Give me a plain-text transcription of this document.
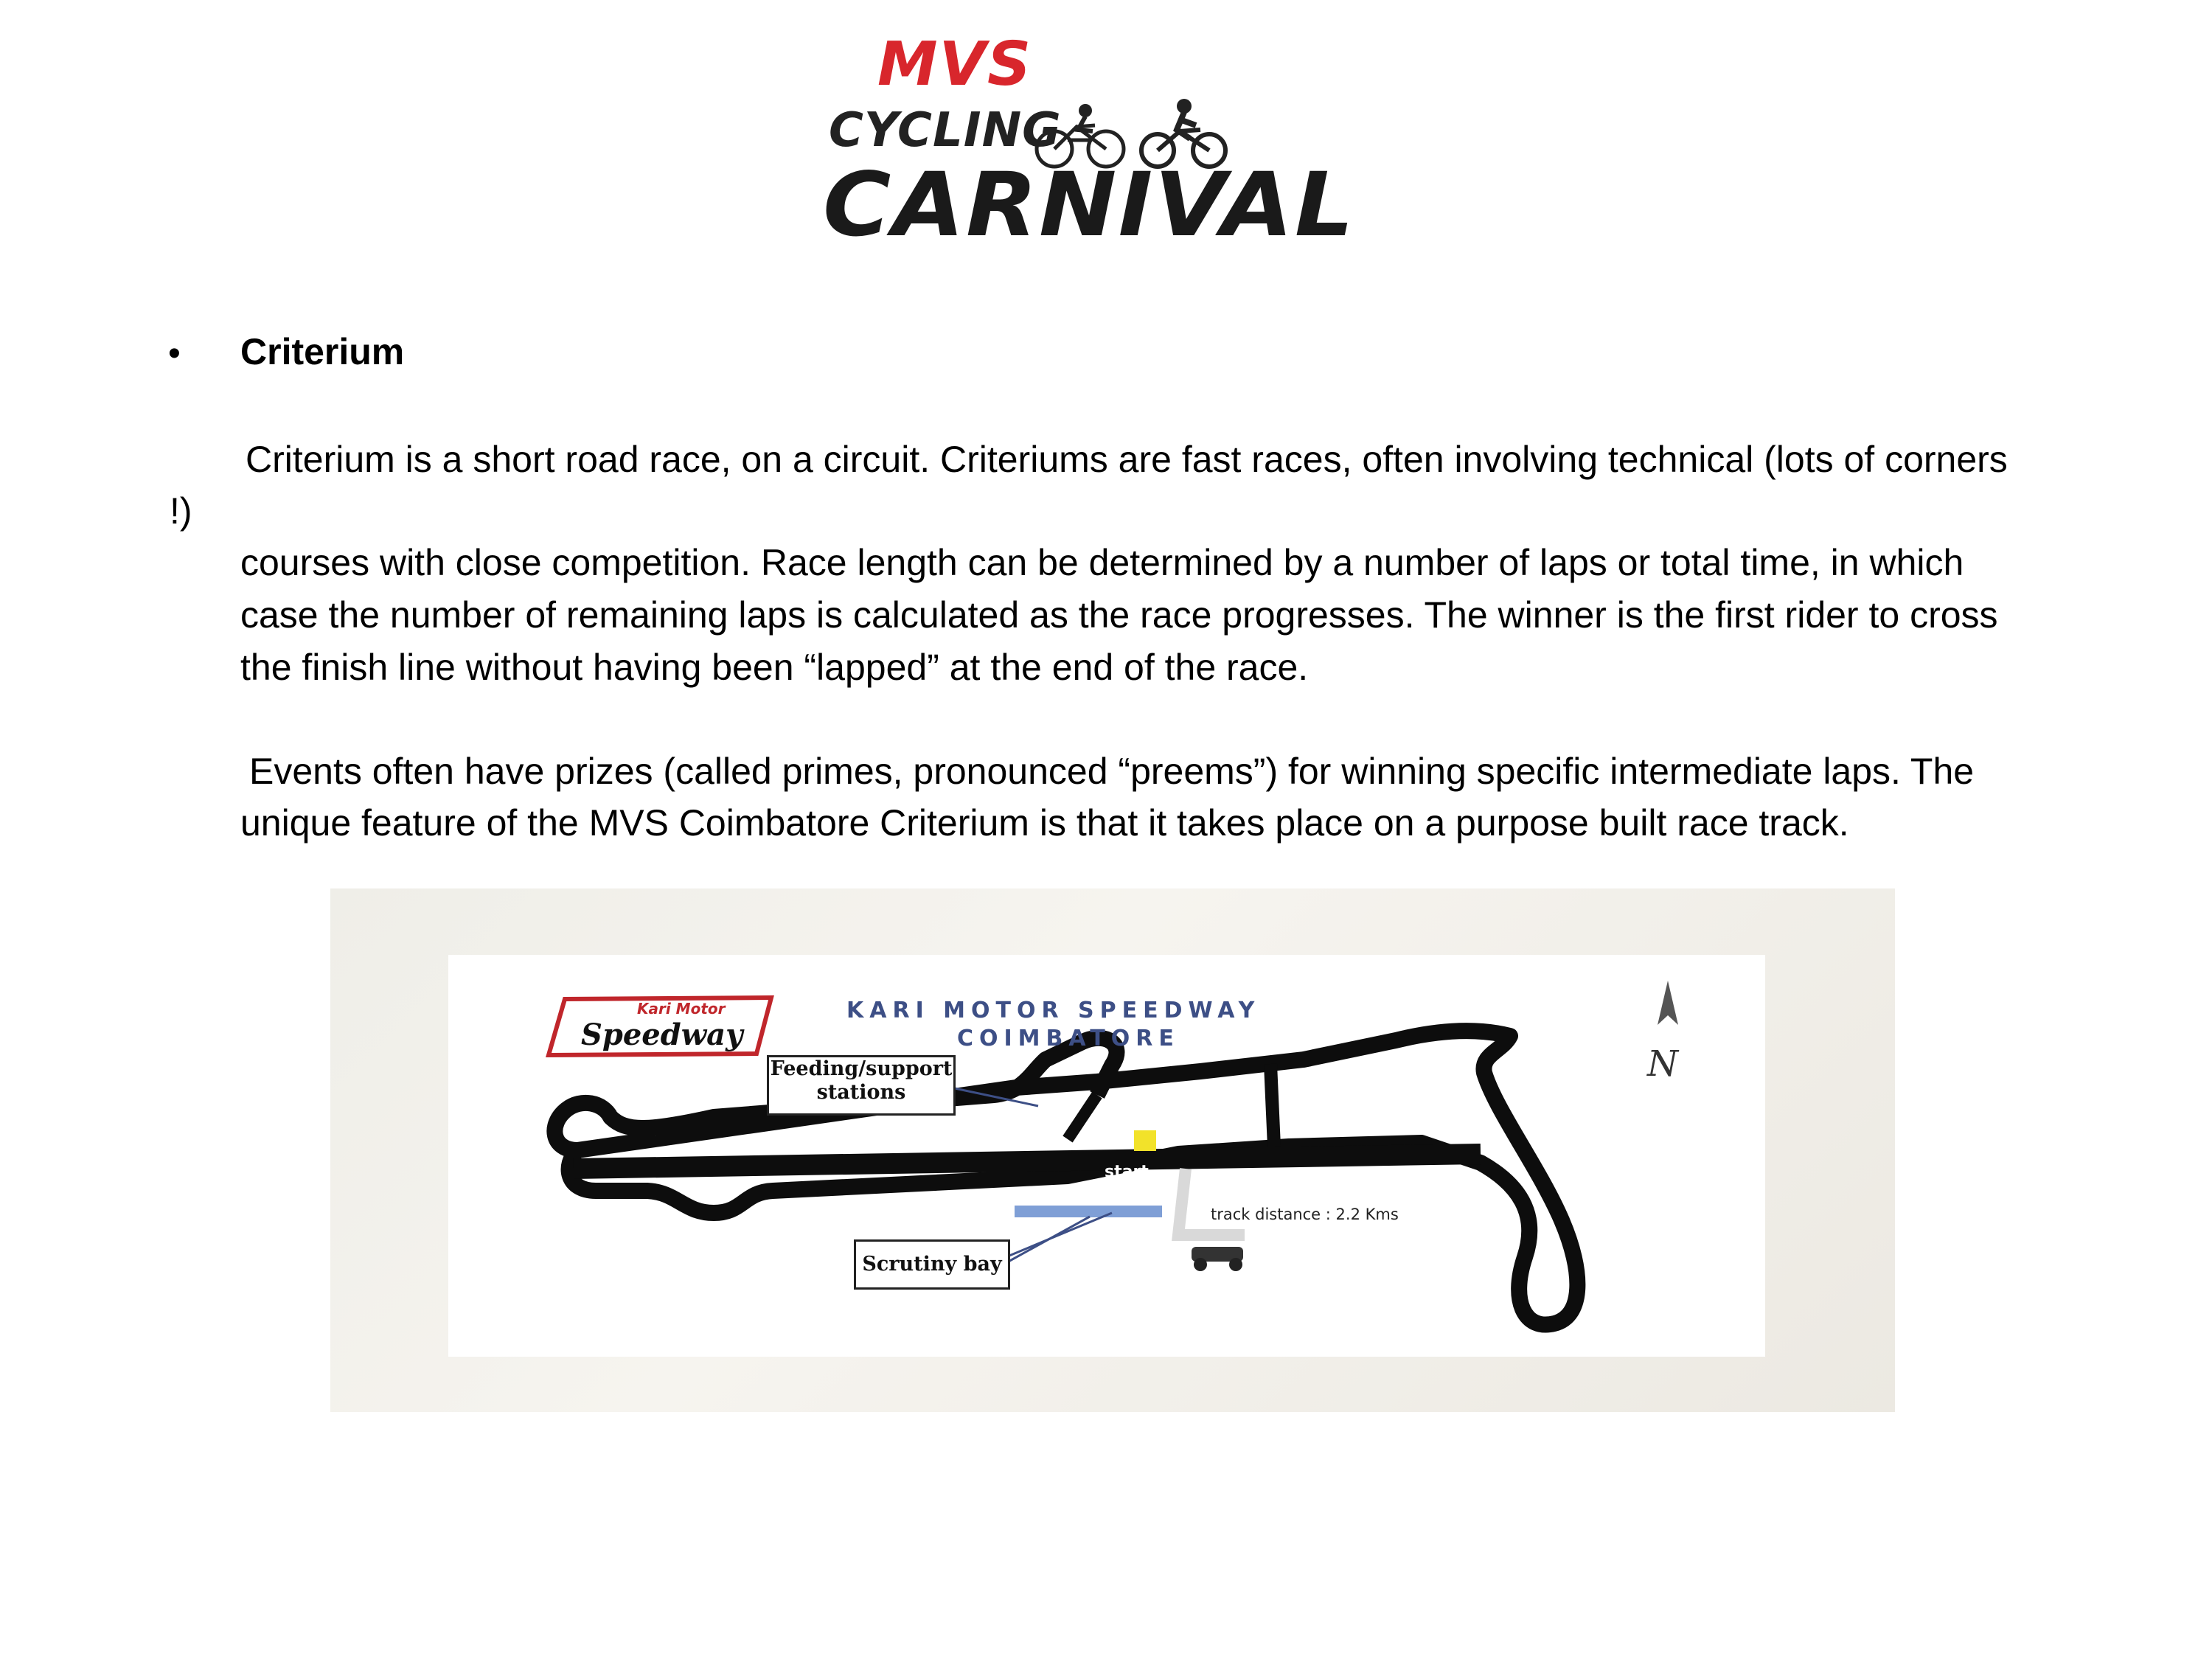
MVS
CYCLING
CARNIVAL
• Criterium
Criterium is a short road race, on a circuit. Criteriums are fast races, often involving technical (lots of corners
!)
courses with close competition. Race length can be determined by a number of laps or total time, in which
case the number of remaining laps is calculated as the race progresses. The winner is the first rider to cross
the finish line without having been “lapped” at the end of the race.
Events often have prizes (called primes, pronounced “preems”) for winning specific intermediate laps. The
unique feature of the MVS Coimbatore Criterium is that it takes place on a purpose built race track.
Kari Motor
Speedway
KARI MOTOR SPEEDWAY
COIMBATORE
Feeding/support
stations
Scrutiny bay
start
track distance : 2.2 Kms
N
